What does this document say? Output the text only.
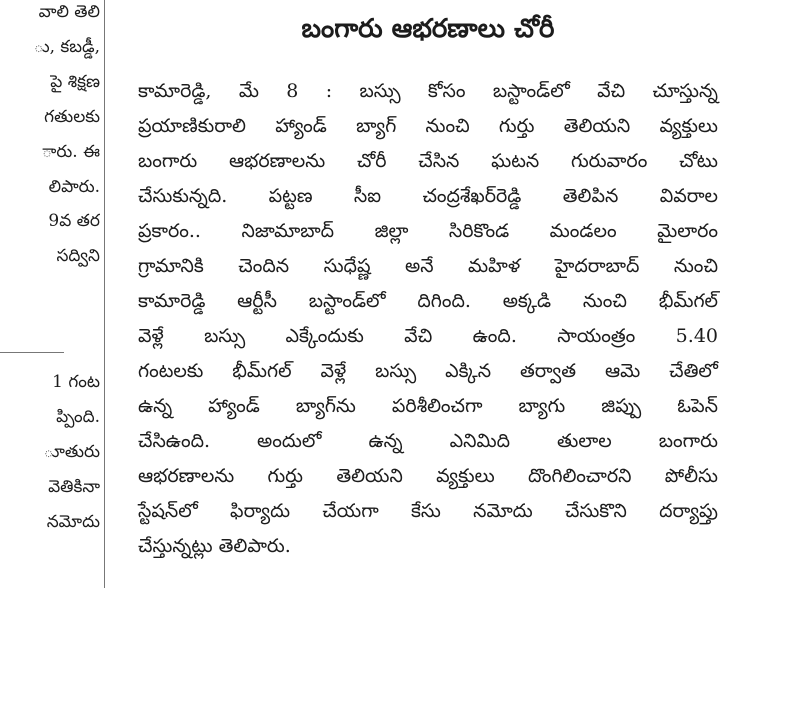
వాలి తెలి
ు, కబడ్డీ,
పై శిక్షణ
గతులకు
ారు. ఈ
లిపారు.
9వ తర
సద్విని
1 గంట
ప్పింది.
ూతురు
వెతికినా
నమోదు
బంగారు ఆభరణాలు చోరీ
కామారెడ్డి, మే 8 : బస్సు కోసం బస్టాండ్‌లో వేచి చూస్తున్న
ప్రయాణికురాలి హ్యాండ్ బ్యాగ్ నుంచి గుర్తు తెలియని వ్యక్తులు
బంగారు ఆభరణాలను చోరీ చేసిన ఘటన గురువారం చోటు
చేసుకున్నది. పట్టణ సీఐ చంద్రశేఖర్‌రెడ్డి తెలిపిన వివరాల
ప్రకారం.. నిజామాబాద్ జిల్లా సిరికొండ మండలం మైలారం
గ్రామానికి చెందిన సుధేష్ణ అనే మహిళ హైదరాబాద్ నుంచి
కామారెడ్డి ఆర్టీసీ బస్టాండ్‌లో దిగింది. అక్కడి నుంచి భీమ్‌గల్
వెళ్లే బస్సు ఎక్కేందుకు వేచి ఉంది. సాయంత్రం 5.40
గంటలకు భీమ్‌గల్ వెళ్లే బస్సు ఎక్కిన తర్వాత ఆమె చేతిలో
ఉన్న హ్యాండ్ బ్యాగ్‌ను పరిశీలించగా బ్యాగు జిప్పు ఓపెన్
చేసిఉంది. అందులో ఉన్న ఎనిమిది తులాల బంగారు
ఆభరణాలను గుర్తు తెలియని వ్యక్తులు దొంగిలించారని పోలీసు
స్టేషన్‌లో ఫిర్యాదు చేయగా కేసు నమోదు చేసుకొని దర్యాప్తు
చేస్తున్నట్లు తెలిపారు.
